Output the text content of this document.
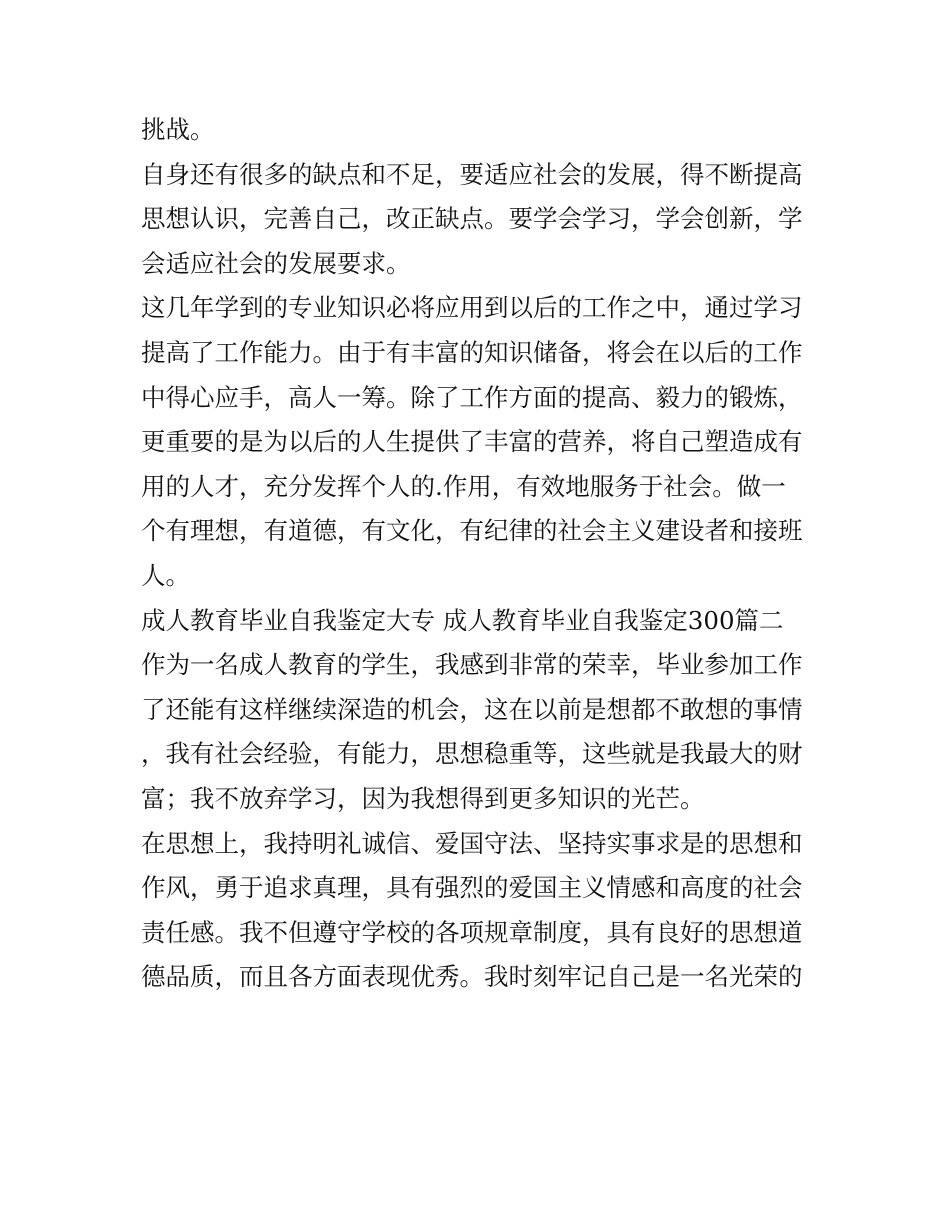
挑战。
自身还有很多的缺点和不足，要适应社会的发展，得不断提高
思想认识，完善自己，改正缺点。要学会学习，学会创新，学
会适应社会的发展要求。
这几年学到的专业知识必将应用到以后的工作之中，通过学习
提高了工作能力。由于有丰富的知识储备，将会在以后的工作
中得心应手，高人一筹。除了工作方面的提高、毅力的锻炼，
更重要的是为以后的人生提供了丰富的营养，将自己塑造成有
用的人才，充分发挥个人的.作用，有效地服务于社会。做一
个有理想，有道德，有文化，有纪律的社会主义建设者和接班
人。
成人教育毕业自我鉴定大专 成人教育毕业自我鉴定300篇二
作为一名成人教育的学生，我感到非常的荣幸，毕业参加工作
了还能有这样继续深造的机会，这在以前是想都不敢想的事情
，我有社会经验，有能力，思想稳重等，这些就是我最大的财
富；我不放弃学习，因为我想得到更多知识的光芒。
在思想上，我持明礼诚信、爱国守法、坚持实事求是的思想和
作风，勇于追求真理，具有强烈的爱国主义情感和高度的社会
责任感。我不但遵守学校的各项规章制度，具有良好的思想道
德品质，而且各方面表现优秀。我时刻牢记自己是一名光荣的
